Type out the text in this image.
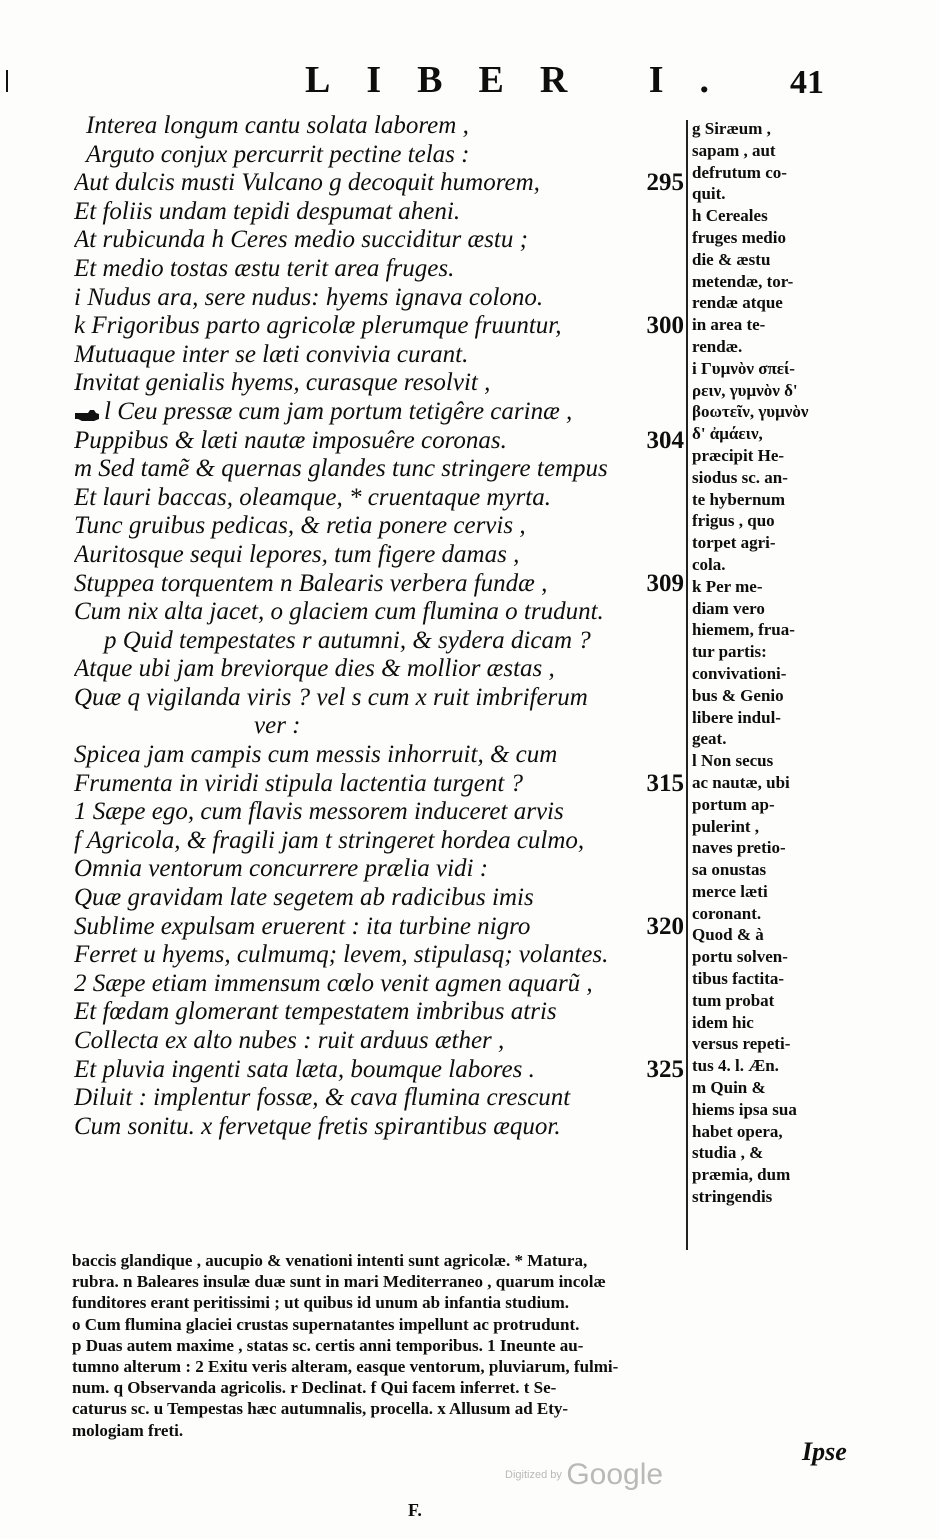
LIBER I. 41
Interea longum cantu solata laborem ,
Arguto conjux percurrit pectine telas :
Aut dulcis musti Vulcano g decoquit humorem,	295
Et foliis undam tepidi despumat aheni.
At rubicunda h Ceres medio succiditur æstu ;
Et medio tostas æstu terit area fruges.
i Nudus ara, sere nudus: hyems ignava colono.
k Frigoribus parto agricolæ plerumque fruuntur,	300
Mutuaque inter se læti convivia curant.
Invitat genialis hyems, curasque resolvit ,
l Ceu pressæ cum jam portum tetigêre carinæ ,
Puppibus & læti nautæ imposuêre coronas.	304
m Sed tamẽ & quernas glandes tunc stringere tempus
Et lauri baccas, oleamque, * cruentaque myrta.
Tunc gruibus pedicas, & retia ponere cervis ,
Auritosque sequi lepores, tum figere damas ,
Stuppea torquentem n Balearis verbera fundæ ,	309
Cum nix alta jacet, o glaciem cum flumina o trudunt.
p Quid tempestates r autumni, & sydera dicam ?
Atque ubi jam breviorque dies & mollior æstas ,
Quæ q vigilanda viris ? vel s cum x ruit imbriferum
ver :
Spicea jam campis cum messis inhorruit, & cum
Frumenta in viridi stipula lactentia turgent ?	315
1 Sæpe ego, cum flavis messorem induceret arvis
f Agricola, & fragili jam t stringeret hordea culmo,
Omnia ventorum concurrere prælia vidi :
Quæ gravidam late segetem ab radicibus imis
Sublime expulsam eruerent : ita turbine nigro	320
Ferret u hyems, culmumq; levem, stipulasq; volantes.
2 Sæpe etiam immensum cœlo venit agmen aquarũ ,
Et fœdam glomerant tempestatem imbribus atris
Collecta ex alto nubes : ruit arduus æther ,
Et pluvia ingenti sata læta, boumque labores .	325
Diluit : implentur fossæ, & cava flumina crescunt
Cum sonitu. x fervetque fretis spirantibus æquor.
g Siræum ,
sapam , aut
defrutum co-
quit.
h Cereales
fruges medio
die & æstu
metendæ, tor-
rendæ atque
in area te-
rendæ.
i Γυμνὸν σπεί-
ρειν, γυμνὸν δ'
βοωτεῖν, γυμνὸν
δ' ἀμάειν,
præcipit He-
siodus sc. an-
te hybernum
frigus , quo
torpet agri-
cola.
k Per me-
diam vero
hiemem, frua-
tur partis:
convivationi-
bus & Genio
libere indul-
geat.
l Non secus
ac nautæ, ubi
portum ap-
pulerint ,
naves pretio-
sa onustas
merce læti
coronant.
Quod & à
portu solven-
tibus factita-
tum probat
idem hic
versus repeti-
tus 4. l. Æn.
m Quin &
hiems ipsa sua
habet opera,
studia , &
præmia, dum
stringendis
baccis glandique , aucupio & venationi intenti sunt agricolæ. * Matura,
rubra. n Baleares insulæ duæ sunt in mari Mediterraneo , quarum incolæ
funditores erant peritissimi ; ut quibus id unum ab infantia studium.
o Cum flumina glaciei crustas supernatantes impellunt ac protrudunt.
p Duas autem maxime , statas sc. certis anni temporibus. 1 Ineunte au-
tumno alterum : 2 Exitu veris alteram, easque ventorum, pluviarum, fulmi-
num. q Observanda agricolis. r Declinat. f Qui facem inferret. t Se-
caturus sc. u Tempestas hæc autumnalis, procella. x Allusum ad Ety-
mologiam freti.
Ipse
Digitized by Google
F.
